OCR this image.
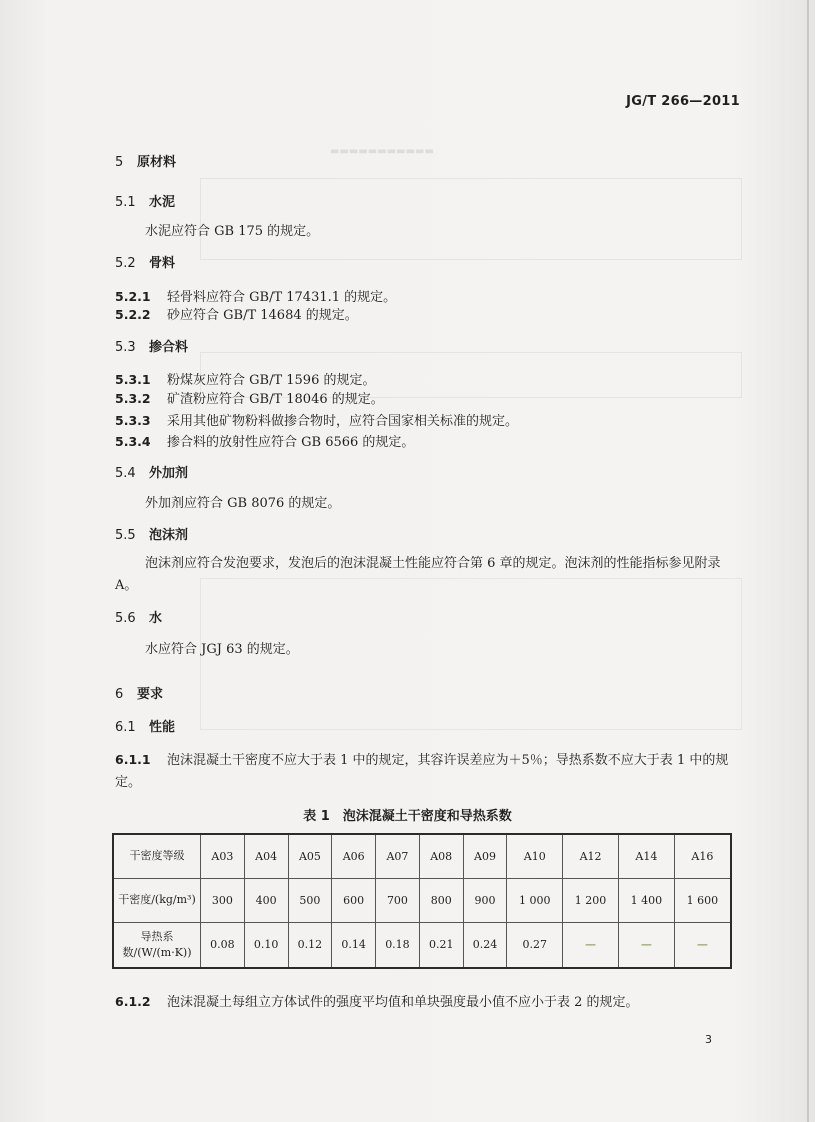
▬▬▬▬▬▬▬▬▬▬▬
JG/T 266—2011
5 原材料
5.1 水泥
水泥应符合 GB 175 的规定。
5.2 骨料
5.2.1 轻骨料应符合 GB/T 17431.1 的规定。
5.2.2 砂应符合 GB/T 14684 的规定。
5.3 掺合料
5.3.1 粉煤灰应符合 GB/T 1596 的规定。
5.3.2 矿渣粉应符合 GB/T 18046 的规定。
5.3.3 采用其他矿物粉料做掺合物时，应符合国家相关标准的规定。
5.3.4 掺合料的放射性应符合 GB 6566 的规定。
5.4 外加剂
外加剂应符合 GB 8076 的规定。
5.5 泡沫剂
泡沫剂应符合发泡要求，发泡后的泡沫混凝土性能应符合第 6 章的规定。泡沫剂的性能指标参见附录 A。
5.6 水
水应符合 JGJ 63 的规定。
6 要求
6.1 性能
6.1.1 泡沫混凝土干密度不应大于表 1 中的规定，其容许误差应为＋5％；导热系数不应大于表 1 中的规定。
表 1　泡沫混凝土干密度和导热系数
干密度等级	A03	A04	A05	A06	A07	A08	A09	A10	A12	A14	A16
干密度/(kg/m³)	300	400	500	600	700	800	900	1 000	1 200	1 400	1 600
导热系数/(W/(m·K))	0.08	0.10	0.12	0.14	0.18	0.21	0.24	0.27	—	—	—
6.1.2 泡沫混凝土每组立方体试件的强度平均值和单块强度最小值不应小于表 2 的规定。
3
